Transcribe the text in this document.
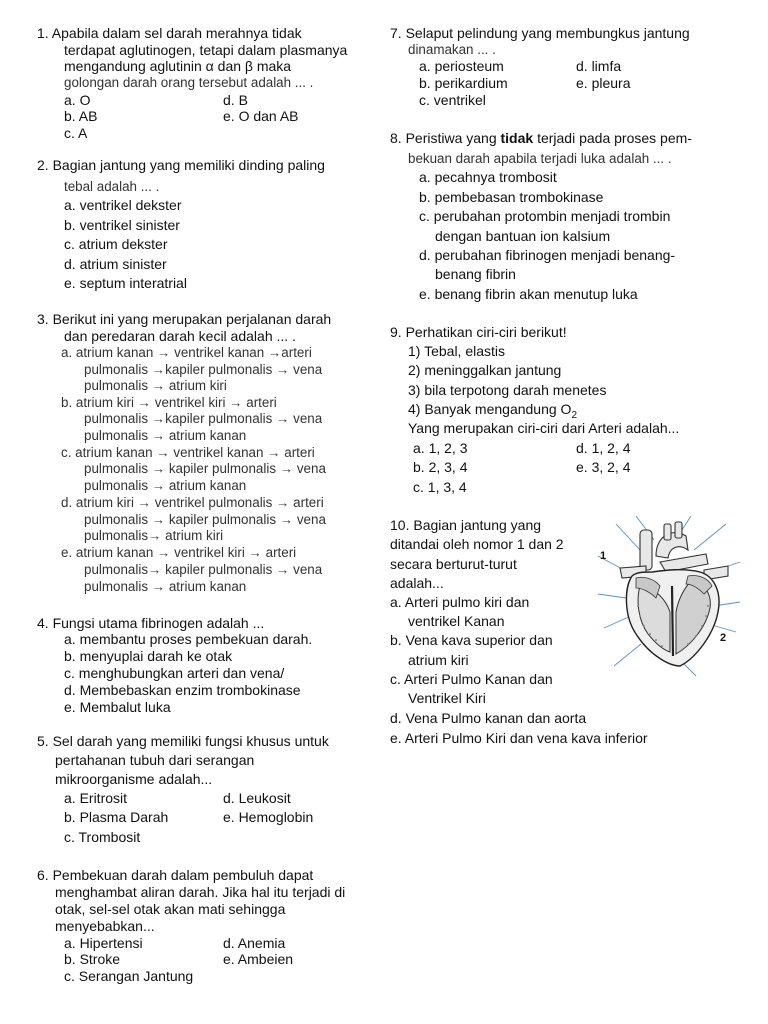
1. Apabila dalam sel darah merahnya tidak
terdapat aglutinogen, tetapi dalam plasmanya
mengandung aglutinin α dan β maka
golongan darah orang tersebut adalah ... .
a. O	d. B
b. AB	e. O dan AB
c. A
2. Bagian jantung yang memiliki dinding paling
tebal adalah ... .
a. ventrikel dekster
b. ventrikel sinister
c. atrium dekster
d. atrium sinister
e. septum interatrial
3. Berikut ini yang merupakan perjalanan darah
dan peredaran darah kecil adalah ... .
a. atrium kanan → ventrikel kanan →arteri
pulmonalis →kapiler pulmonalis → vena
pulmonalis → atrium kiri
b. atrium kiri → ventrikel kiri → arteri
pulmonalis →kapiler pulmonalis → vena
pulmonalis → atrium kanan
c. atrium kanan → ventrikel kanan → arteri
pulmonalis → kapiler pulmonalis → vena
pulmonalis → atrium kanan
d. atrium kiri → ventrikel pulmonalis → arteri
pulmonalis → kapiler pulmonalis → vena
pulmonalis→ atrium kiri
e. atrium kanan → ventrikel kiri → arteri
pulmonalis→ kapiler pulmonalis → vena
pulmonalis → atrium kanan
4. Fungsi utama fibrinogen adalah ...
a. membantu proses pembekuan darah.
b. menyuplai darah ke otak
c. menghubungkan arteri dan vena/
d. Membebaskan enzim trombokinase
e. Membalut luka
5. Sel darah yang memiliki fungsi khusus untuk
pertahanan tubuh dari serangan
mikroorganisme adalah...
a. Eritrosit	d. Leukosit
b. Plasma Darah	e. Hemoglobin
c. Trombosit
6. Pembekuan darah dalam pembuluh dapat
menghambat aliran darah. Jika hal itu terjadi di
otak, sel-sel otak akan mati sehingga
menyebabkan...
a. Hipertensi	d. Anemia
b. Stroke	e. Ambeien
c. Serangan Jantung
7. Selaput pelindung yang membungkus jantung
dinamakan ... .
a. periosteum	d. limfa
b. perikardium	e. pleura
c. ventrikel
8. Peristiwa yang tidak terjadi pada proses pem-
bekuan darah apabila terjadi luka adalah ... .
a. pecahnya trombosit
b. pembebasan trombokinase
c. perubahan protombin menjadi trombin
dengan bantuan ion kalsium
d. perubahan fibrinogen menjadi benang-
benang fibrin
e. benang fibrin akan menutup luka
9. Perhatikan ciri-ciri berikut!
1) Tebal, elastis
2) meninggalkan jantung
3) bila terpotong darah menetes
4) Banyak mengandung $O_2$
Yang merupakan ciri-ciri dari Arteri adalah...
a. 1, 2, 3	d. 1, 2, 4
b. 2, 3, 4	e. 3, 2, 4
c. 1, 3, 4
10. Bagian jantung yang
ditandai oleh nomor 1 dan 2
secara berturut-turut
adalah...
a. Arteri pulmo kiri dan
ventrikel Kanan
b. Vena kava superior dan
atrium kiri
c. Arteri Pulmo Kanan dan
Ventrikel Kiri
d. Vena Pulmo kanan dan aorta
e. Arteri Pulmo Kiri dan vena kava inferior
1
2
